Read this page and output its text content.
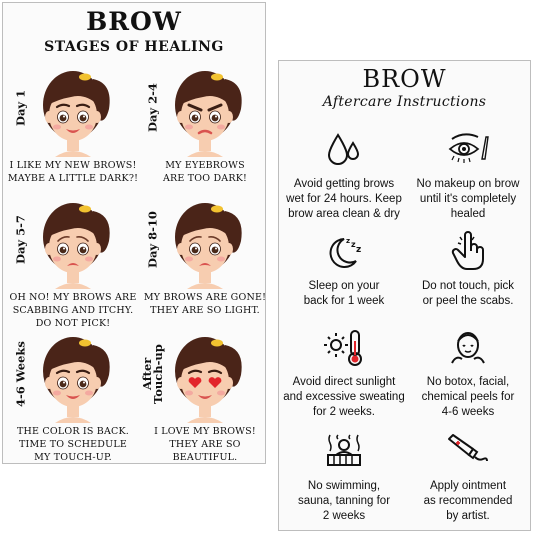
BROW
STAGES OF HEALING
Day 1
I LIKE MY NEW BROWS!
MAYBE A LITTLE DARK?!
Day 2-4
MY EYEBROWS
ARE TOO DARK!
Day 5-7
OH NO! MY BROWS ARE
SCABBING AND ITCHY.
DO NOT PICK!
Day 8-10
MY BROWS ARE GONE!
THEY ARE SO LIGHT.
4-6 Weeks
THE COLOR IS BACK.
TIME TO SCHEDULE
MY TOUCH-UP.
After Touch-up
I LOVE MY BROWS!
THEY ARE SO
BEAUTIFUL.
BROW
Aftercare Instructions
Avoid getting brows
wet for 24 hours. Keep
brow area clean & dry
No makeup on brow
until it's completely
healed
z z
z
Sleep on your
back for 1 week
Do not touch, pick
or peel the scabs.
Avoid direct sunlight
and excessive sweating
for 2 weeks.
No botox, facial,
chemical peels for
4-6 weeks
No swimming,
sauna, tanning for
2 weeks
Apply ointment
as recommended
by artist.
